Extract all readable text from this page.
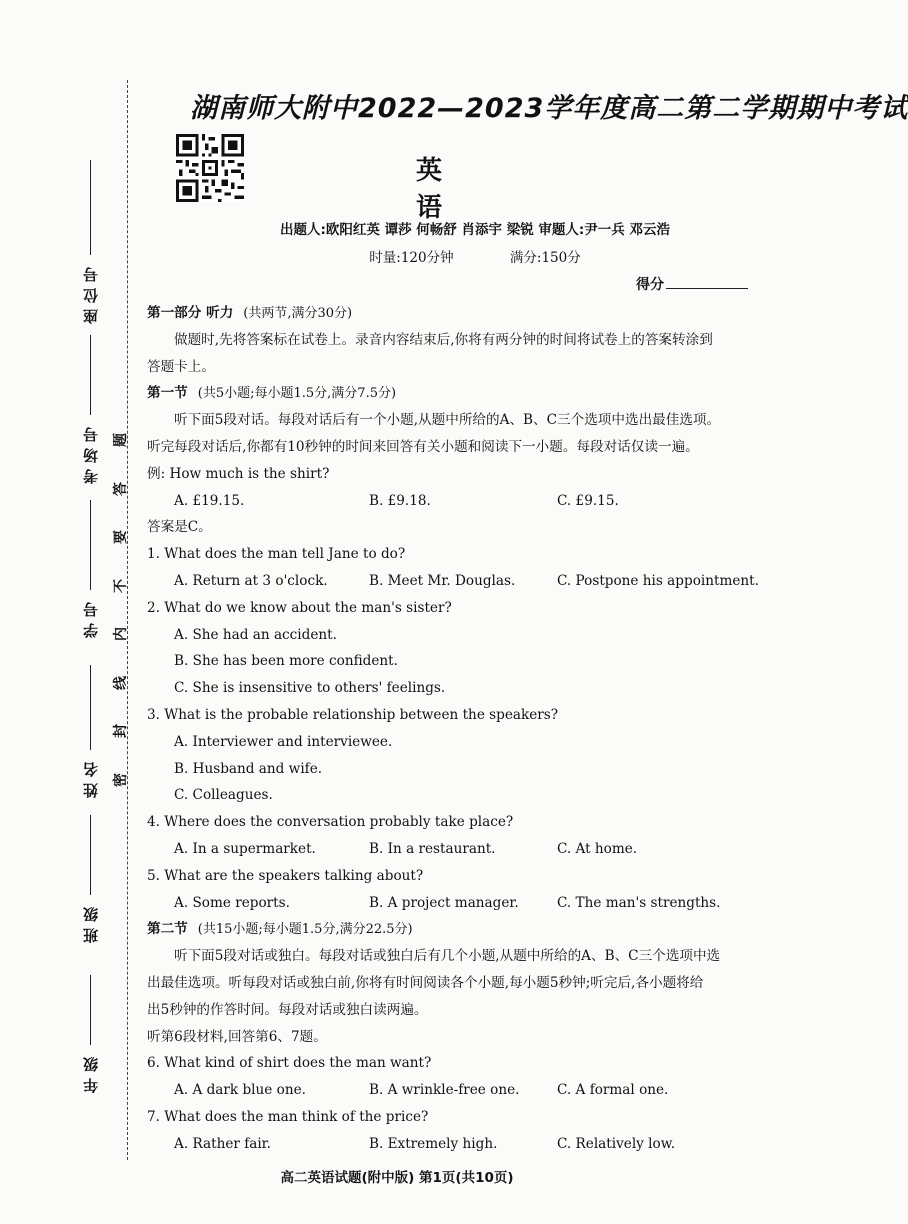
座位号
考场号
学号
姓名
班级
年级
题
答
要
不
内
线
封
密
湖南师大附中2022—2023学年度高二第二学期期中考试
英 语
出题人:欧阳红英 谭莎 何畅舒 肖添宇 梁锐 审题人:尹一兵 邓云浩
时量:120分钟	满分:150分
得分
第一部分 听力 (共两节,满分30分)
做题时,先将答案标在试卷上。录音内容结束后,你将有两分钟的时间将试卷上的答案转涂到
答题卡上。
第一节 (共5小题;每小题1.5分,满分7.5分)
听下面5段对话。每段对话后有一个小题,从题中所给的A、B、C三个选项中选出最佳选项。
听完每段对话后,你都有10秒钟的时间来回答有关小题和阅读下一小题。每段对话仅读一遍。
例: How much is the shirt?
A. £19.15.	B. £9.18.	C. £9.15.
答案是C。
1. What does the man tell Jane to do?
A. Return at 3 o'clock.	B. Meet Mr. Douglas.	C. Postpone his appointment.
2. What do we know about the man's sister?
A. She had an accident.
B. She has been more confident.
C. She is insensitive to others' feelings.
3. What is the probable relationship between the speakers?
A. Interviewer and interviewee.
B. Husband and wife.
C. Colleagues.
4. Where does the conversation probably take place?
A. In a supermarket.	B. In a restaurant.	C. At home.
5. What are the speakers talking about?
A. Some reports.	B. A project manager.	C. The man's strengths.
第二节 (共15小题;每小题1.5分,满分22.5分)
听下面5段对话或独白。每段对话或独白后有几个小题,从题中所给的A、B、C三个选项中选
出最佳选项。听每段对话或独白前,你将有时间阅读各个小题,每小题5秒钟;听完后,各小题将给
出5秒钟的作答时间。每段对话或独白读两遍。
听第6段材料,回答第6、7题。
6. What kind of shirt does the man want?
A. A dark blue one.	B. A wrinkle-free one.	C. A formal one.
7. What does the man think of the price?
A. Rather fair.	B. Extremely high.	C. Relatively low.
高二英语试题(附中版) 第1页(共10页)
